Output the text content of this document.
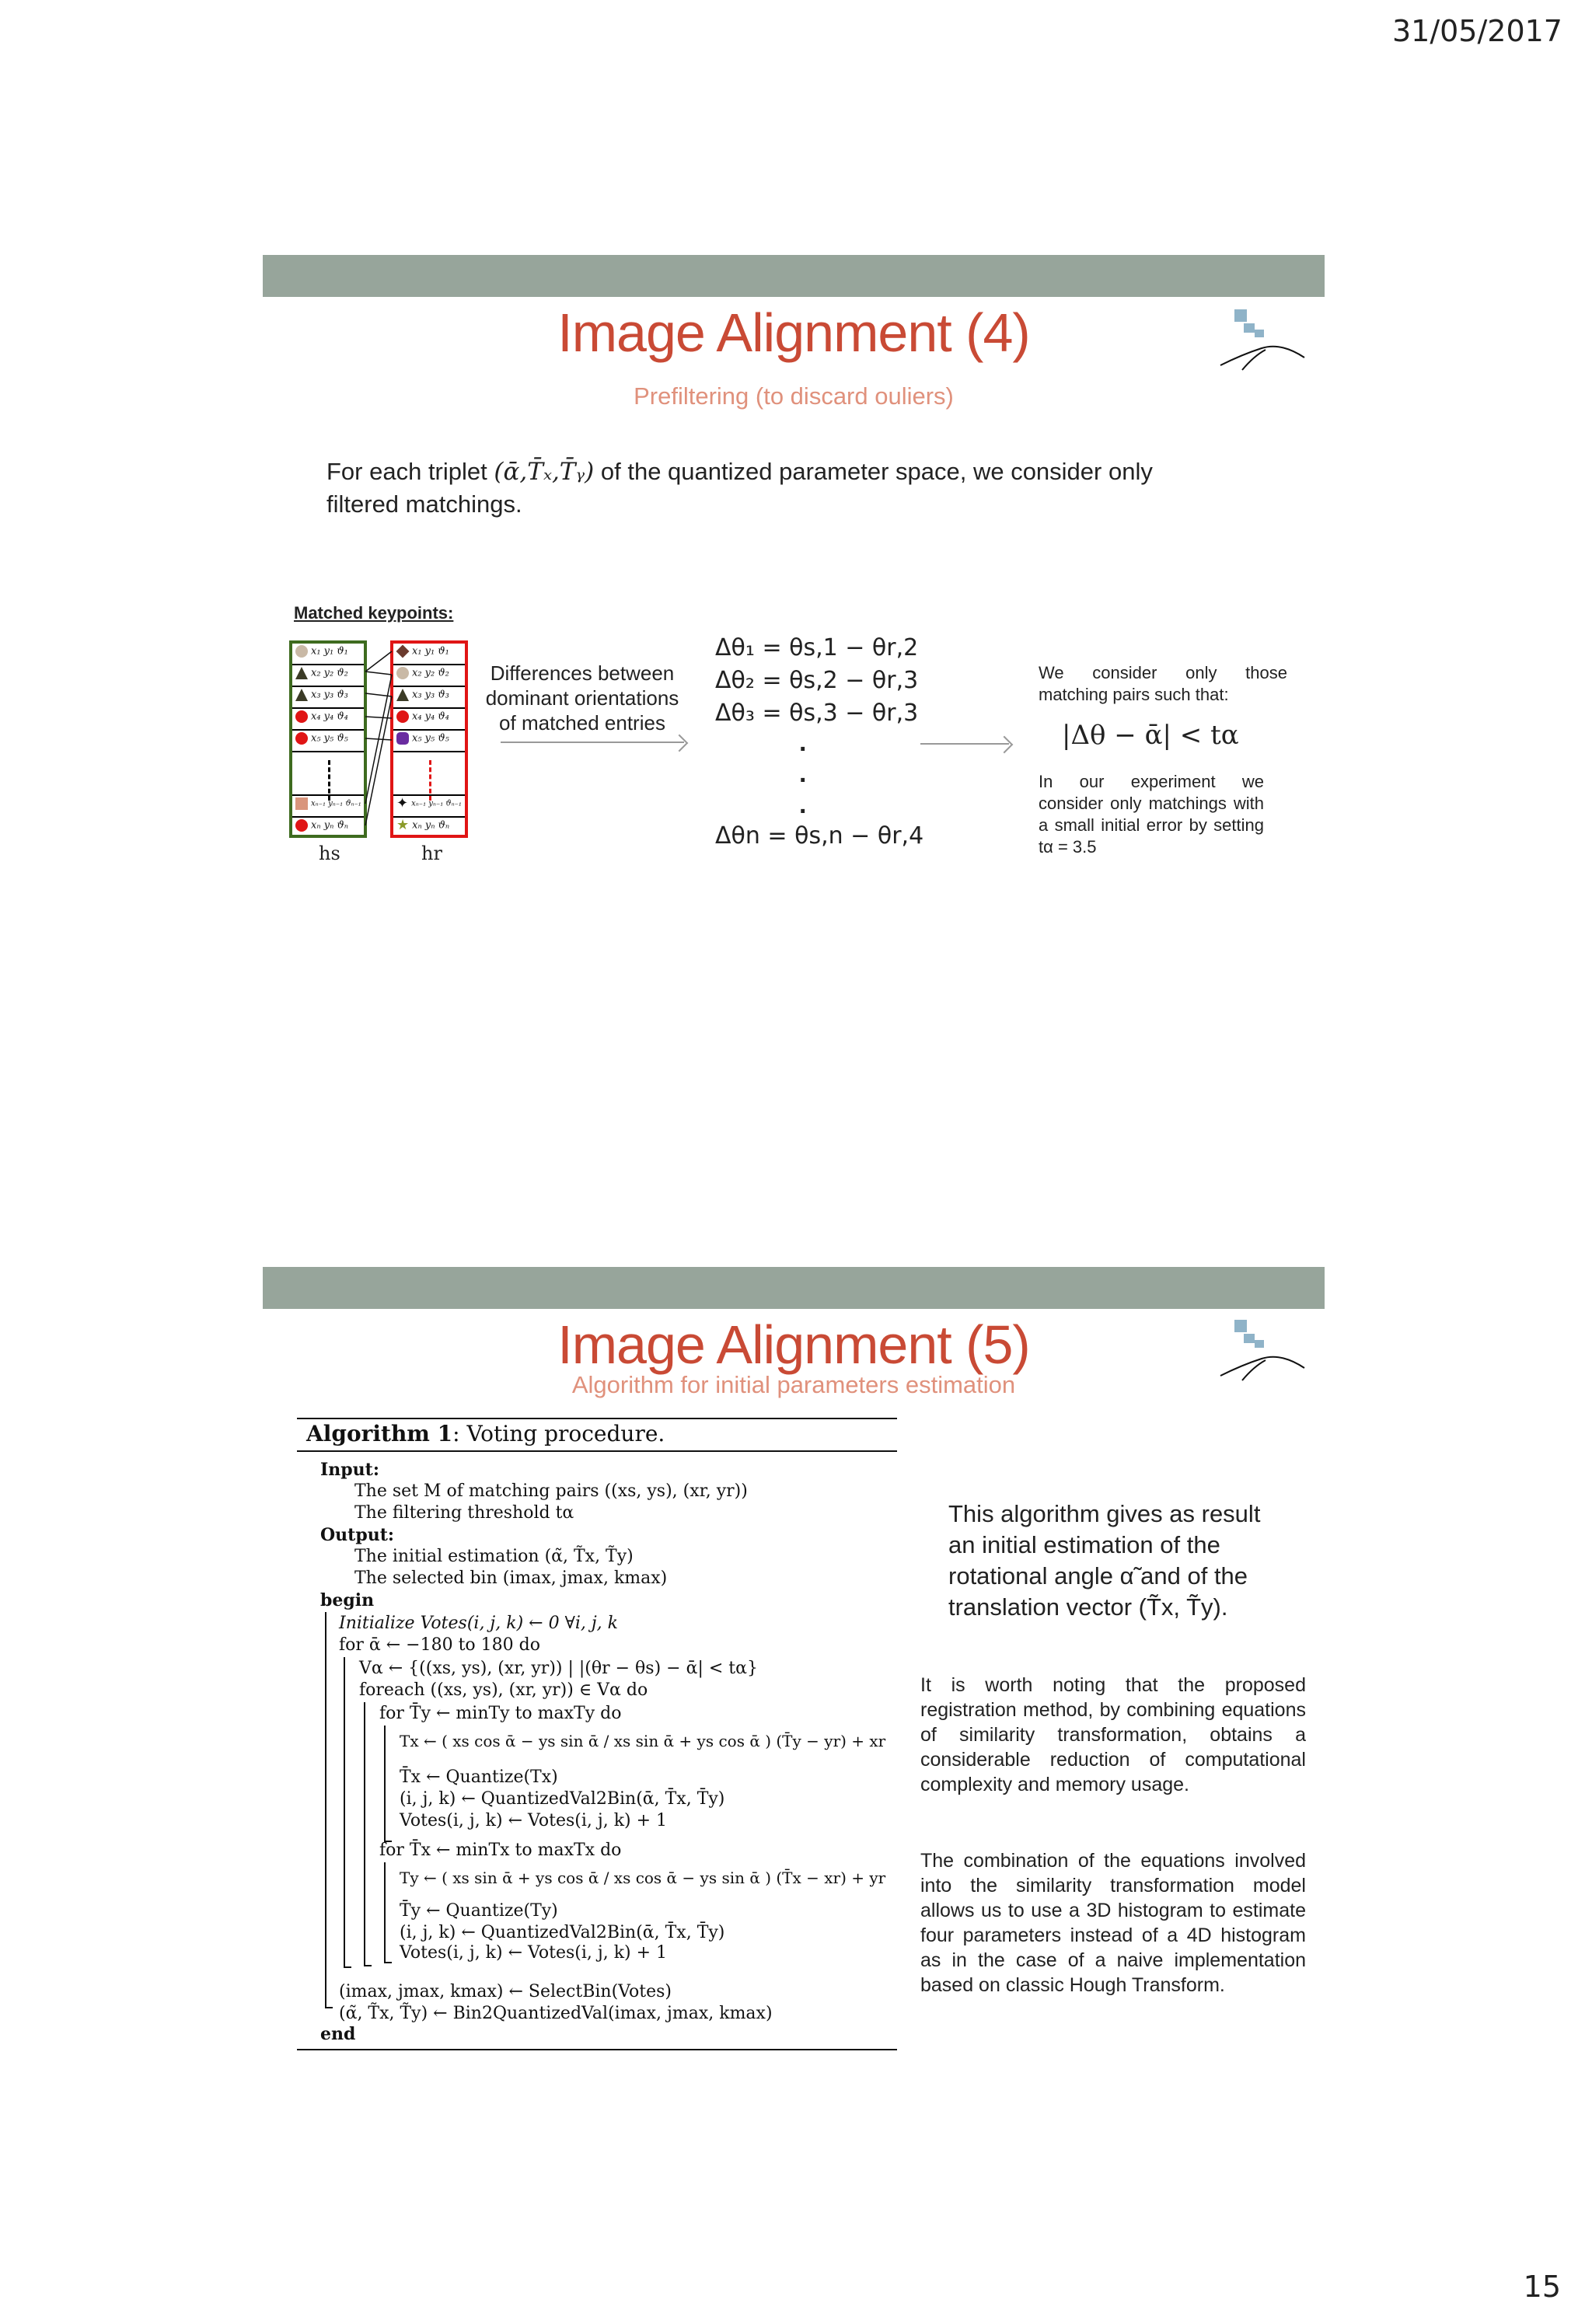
31/05/2017
Image Alignment (4)
Prefiltering (to discard ouliers)
For each triplet (ᾱ,T̄ₓ,T̄ᵧ) of the quantized parameter space, we consider only
filtered matchings.
Matched keypoints:
x₁ y₁ ϑ₁
x₂ y₂ ϑ₂
x₃ y₃ ϑ₃
x₄ y₄ ϑ₄
x₅ y₅ ϑ₅
xₙ₋₁ yₙ₋₁ ϑₙ₋₁
xₙ yₙ ϑₙ
x₁ y₁ ϑ₁
x₂ y₂ ϑ₂
x₃ y₃ ϑ₃
x₄ y₄ ϑ₄
x₅ y₅ ϑ₅
✦ xₙ₋₁ yₙ₋₁ ϑₙ₋₁
★ xₙ yₙ ϑₙ
hs	hr
Differences between dominant orientations of matched entries
Δθ₁ = θs,1 − θr,2
Δθ₂ = θs,2 − θr,3
Δθ₃ = θs,3 − θr,3
.
.
.
Δθn = θs,n − θr,4
We consider only those matching pairs such that:
|Δθ − ᾱ| < tα
In our experiment we consider only matchings with a small initial error by setting tα = 3.5
Image Alignment (5)
Algorithm for initial parameters estimation
Algorithm 1: Voting procedure.
Input:
The set M of matching pairs ((xs, ys), (xr, yr))
The filtering threshold tα
Output:
The initial estimation (α̃, T̃x, T̃y)
The selected bin (imax, jmax, kmax)
begin
Initialize Votes(i, j, k) ← 0 ∀i, j, k
for ᾱ ← −180 to 180 do
Vα ← {((xs, ys), (xr, yr)) | |(θr − θs) − ᾱ| < tα}
foreach ((xs, ys), (xr, yr)) ∈ Vα do
for T̄y ← minTy to maxTy do
Tx ← ( xs cos ᾱ − ys sin ᾱ / xs sin ᾱ + ys cos ᾱ ) (T̄y − yr) + xr
T̄x ← Quantize(Tx)
(i, j, k) ← QuantizedVal2Bin(ᾱ, T̄x, T̄y)
Votes(i, j, k) ← Votes(i, j, k) + 1
for T̄x ← minTx to maxTx do
Ty ← ( xs sin ᾱ + ys cos ᾱ / xs cos ᾱ − ys sin ᾱ ) (T̄x − xr) + yr
T̄y ← Quantize(Ty)
(i, j, k) ← QuantizedVal2Bin(ᾱ, T̄x, T̄y)
Votes(i, j, k) ← Votes(i, j, k) + 1
(imax, jmax, kmax) ← SelectBin(Votes)
(α̃, T̃x, T̃y) ← Bin2QuantizedVal(imax, jmax, kmax)
end
This algorithm gives as result an initial estimation of the rotational angle α̃ and of the translation vector (T̃x, T̃y).
It is worth noting that the proposed registration method, by combining equations of similarity transformation, obtains a considerable reduction of computational complexity and memory usage.
The combination of the equations involved into the similarity transformation model allows us to use a 3D histogram to estimate four parameters instead of a 4D histogram as in the case of a naive implementation based on classic Hough Transform.
15
